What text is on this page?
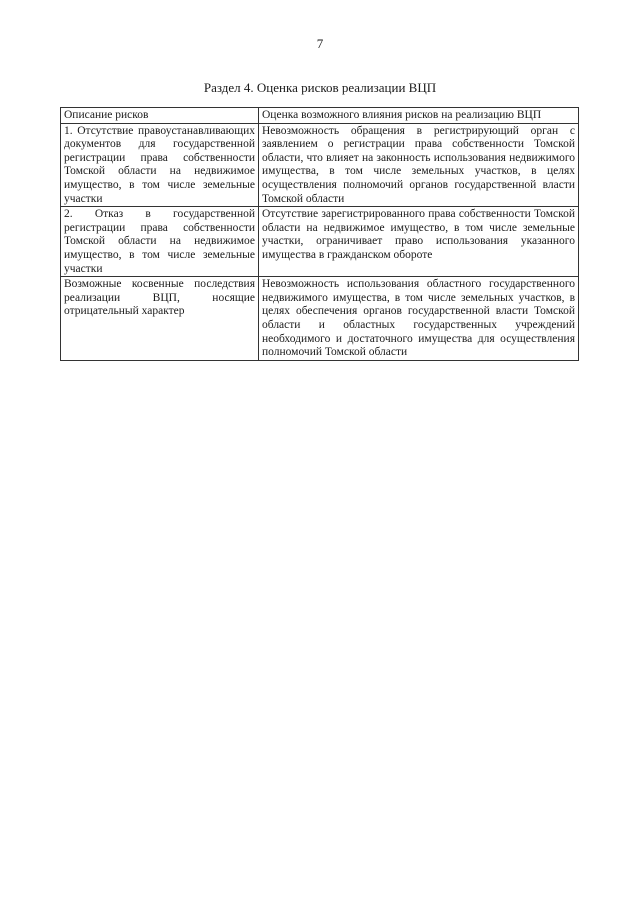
7
Раздел 4. Оценка рисков реализации ВЦП
Описание рисков	Оценка возможного влияния рисков на реализацию ВЦП
1. Отсутствие правоустанавливающих документов для государственной регистрации права собственности Томской области на недвижимое имущество, в том числе земельные участки	Невозможность обращения в регистрирующий орган с заявлением о регистрации права собственности Томской области, что влияет на законность использования недвижимого имущества, в том числе земельных участков, в целях осуществления полномочий органов государственной власти Томской области
2. Отказ в государственной регистрации права собственности Томской области на недвижимое имущество, в том числе земельные участки	Отсутствие зарегистрированного права собственности Томской области на недвижимое имущество, в том числе земельные участки, ограничивает право использования указанного имущества в гражданском обороте
Возможные косвенные последствия реализации ВЦП, носящие отрицательный характер	Невозможность использования областного государственного недвижимого имущества, в том числе земельных участков, в целях обеспечения органов государственной власти Томской области и областных государственных учреждений необходимого и достаточного имущества для осуществления полномочий Томской области
